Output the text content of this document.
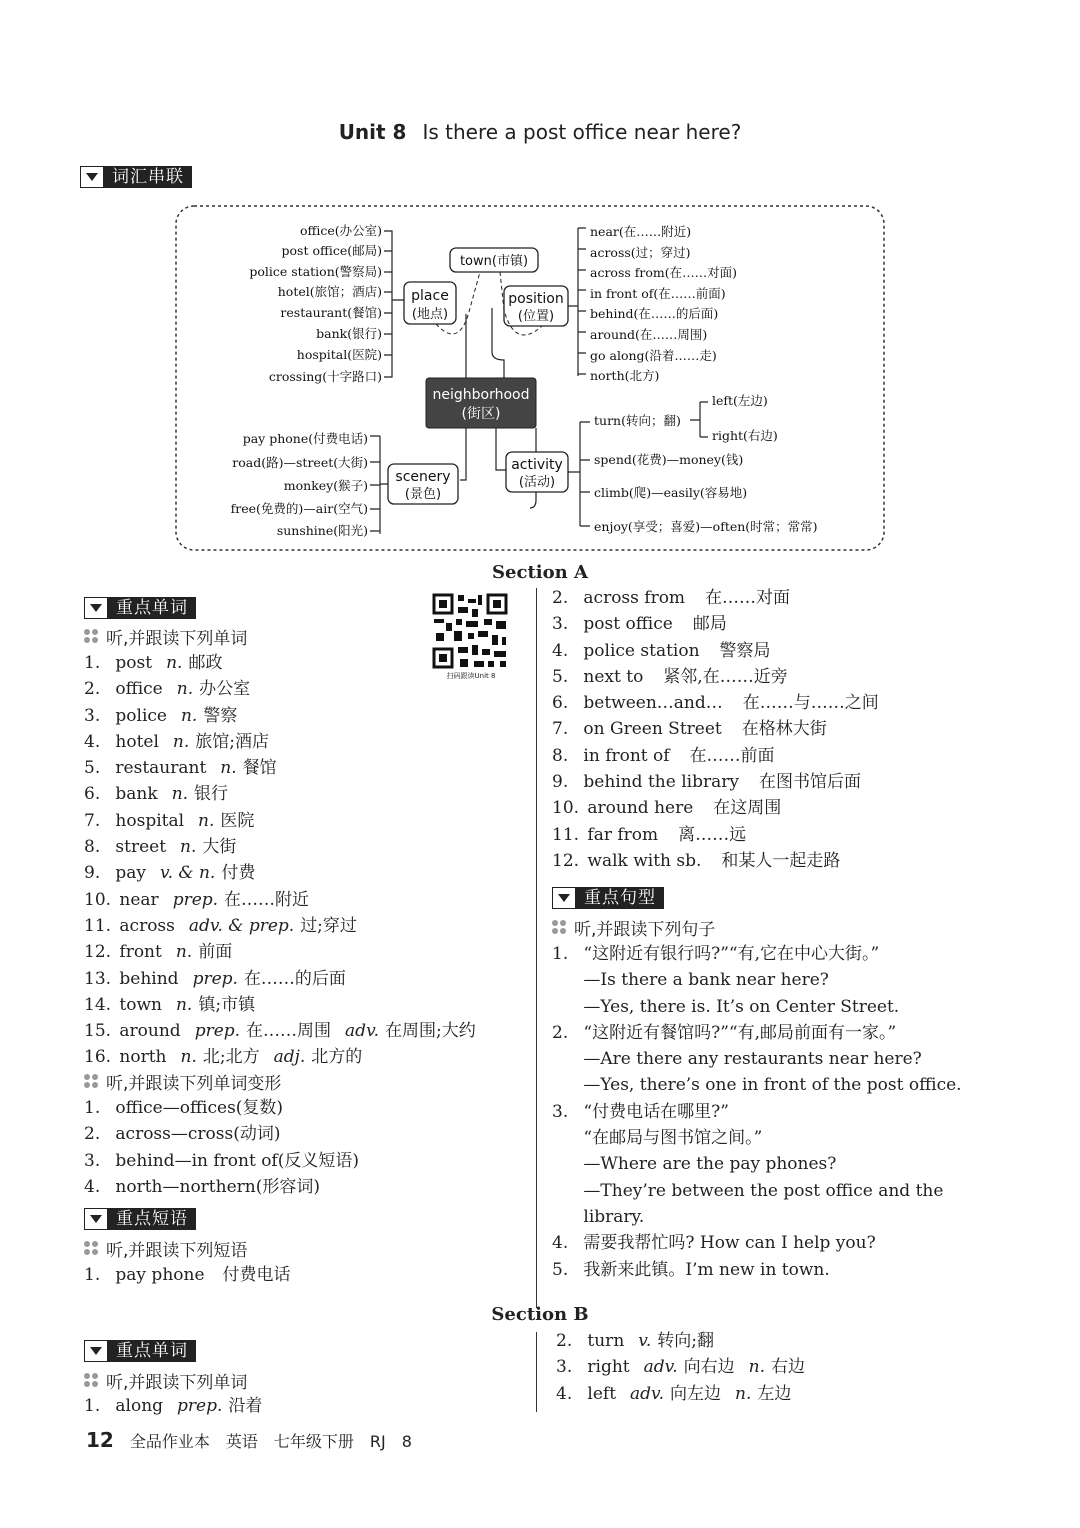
Unit 8 Is there a post office near here?
词汇串联
office(办公室)
post office(邮局)
police station(警察局)
hotel(旅馆；酒店)
restaurant(餐馆)
bank(银行)
hospital(医院)
crossing(十字路口)
place
(地点)
town(市镇)
position
(位置)
neighborhood
(街区)
near(在……附近)
across(过；穿过)
across from(在……对面)
in front of(在……前面)
behind(在……的后面)
around(在……周围)
go along(沿着……走)
north(北方)
scenery
(景色)
pay phone(付费电话)
road(路)—street(大街)
monkey(猴子)
free(免费的)—air(空气)
sunshine(阳光)
activity
(活动)
turn(转向；翻)
left(左边)
right(右边)
spend(花费)—money(钱)
climb(爬)—easily(容易地)
enjoy(享受；喜爱)—often(时常；常常)
Section A
重点单词
听,并跟读下列单词
1. post n. 邮政
2. office n. 办公室
3. police n. 警察
4. hotel n. 旅馆;酒店
5. restaurant n. 餐馆
6. bank n. 银行
7. hospital n. 医院
8. street n. 大街
9. pay v. & n. 付费
10. near prep. 在……附近
11. across adv. & prep. 过;穿过
12. front n. 前面
13. behind prep. 在……的后面
14. town n. 镇;市镇
15. around prep. 在……周围 adv. 在周围;大约
16. north n. 北;北方 adj. 北方的
扫码跟读Unit 8
听,并跟读下列单词变形
1. office—offices(复数)
2. across—cross(动词)
3. behind—in front of(反义短语)
4. north—northern(形容词)
重点短语
听,并跟读下列短语
1. pay phone 付费电话
2. across from 在……对面
3. post office 邮局
4. police station 警察局
5. next to 紧邻,在……近旁
6. between…and… 在……与……之间
7. on Green Street 在格林大街
8. in front of 在……前面
9. behind the library 在图书馆后面
10. around here 在这周围
11. far from 离……远
12. walk with sb. 和某人一起走路
重点句型
听,并跟读下列句子
1. “这附近有银行吗?”“有,它在中心大街。”
—Is there a bank near here?
—Yes, there is. It’s on Center Street.
2. “这附近有餐馆吗?”“有,邮局前面有一家。”
—Are there any restaurants near here?
—Yes, there’s one in front of the post office.
3. “付费电话在哪里?”
“在邮局与图书馆之间。”
—Where are the pay phones?
—They’re between the post office and the
library.
4. 需要我帮忙吗? How can I help you?
5. 我新来此镇。I’m new in town.
Section B
重点单词
听,并跟读下列单词
1. along prep. 沿着
2. turn v. 转向;翻
3. right adv. 向右边 n. 右边
4. left adv. 向左边 n. 左边
12 全品作业本 英语 七年级下册 RJ 8
